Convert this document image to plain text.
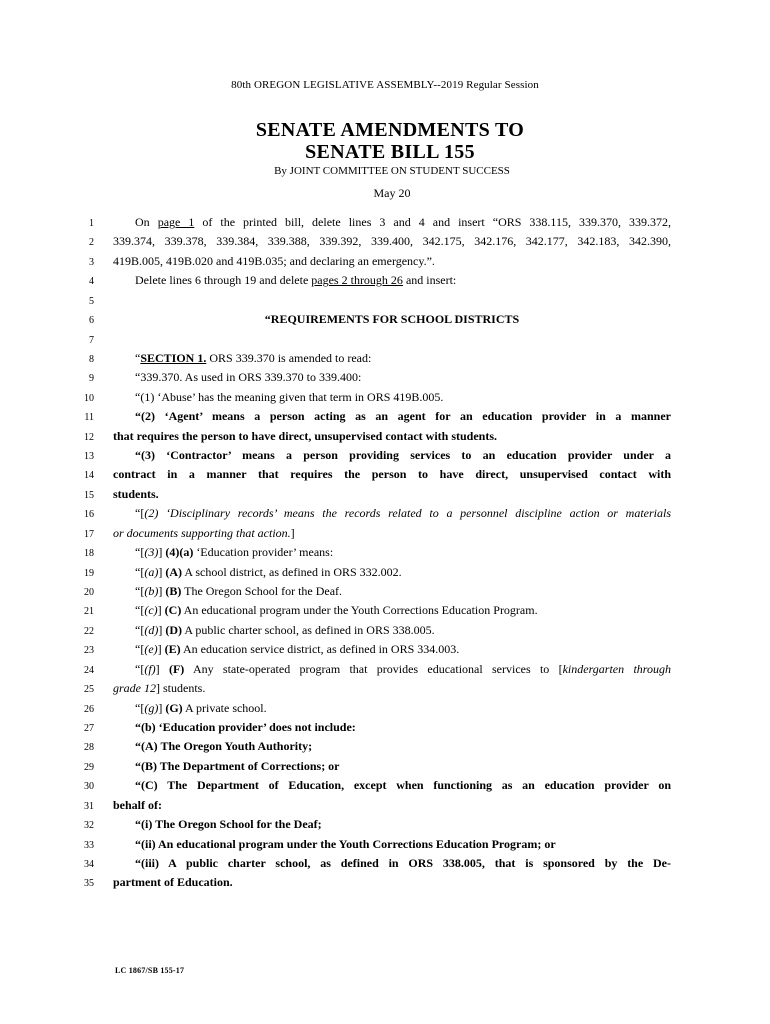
80th OREGON LEGISLATIVE ASSEMBLY--2019 Regular Session
SENATE AMENDMENTS TO
SENATE BILL 155
By JOINT COMMITTEE ON STUDENT SUCCESS
May 20
1	On page 1 of the printed bill, delete lines 3 and 4 and insert “ORS 338.115, 339.370, 339.372,
2 339.374, 339.378, 339.384, 339.388, 339.392, 339.400, 342.175, 342.176, 342.177, 342.183, 342.390,
3 419B.005, 419B.020 and 419B.035; and declaring an emergency.”.
4	Delete lines 6 through 19 and delete pages 2 through 26 and insert:
5
6	“REQUIREMENTS FOR SCHOOL DISTRICTS
7
8	“SECTION 1. ORS 339.370 is amended to read:
9	“339.370. As used in ORS 339.370 to 339.400:
10	“(1) ‘Abuse’ has the meaning given that term in ORS 419B.005.
11	“(2) ‘Agent’ means a person acting as an agent for an education provider in a manner
12 that requires the person to have direct, unsupervised contact with students.
13	“(3) ‘Contractor’ means a person providing services to an education provider under a
14 contract in a manner that requires the person to have direct, unsupervised contact with
15 students.
16	“[(2) ‘Disciplinary records’ means the records related to a personnel discipline action or materials
17 or documents supporting that action.]
18	“[(3)] (4)(a) ‘Education provider’ means:
19	“[(a)] (A) A school district, as defined in ORS 332.002.
20	“[(b)] (B) The Oregon School for the Deaf.
21	“[(c)] (C) An educational program under the Youth Corrections Education Program.
22	“[(d)] (D) A public charter school, as defined in ORS 338.005.
23	“[(e)] (E) An education service district, as defined in ORS 334.003.
24	“[(f)] (F) Any state-operated program that provides educational services to [kindergarten through
25 grade 12] students.
26	“[(g)] (G) A private school.
27	“(b) ‘Education provider’ does not include:
28	“(A) The Oregon Youth Authority;
29	“(B) The Department of Corrections; or
30	“(C) The Department of Education, except when functioning as an education provider on
31 behalf of:
32	“(i) The Oregon School for the Deaf;
33	“(ii) An educational program under the Youth Corrections Education Program; or
34	“(iii) A public charter school, as defined in ORS 338.005, that is sponsored by the De-
35 partment of Education.
LC 1867/SB 155-17
